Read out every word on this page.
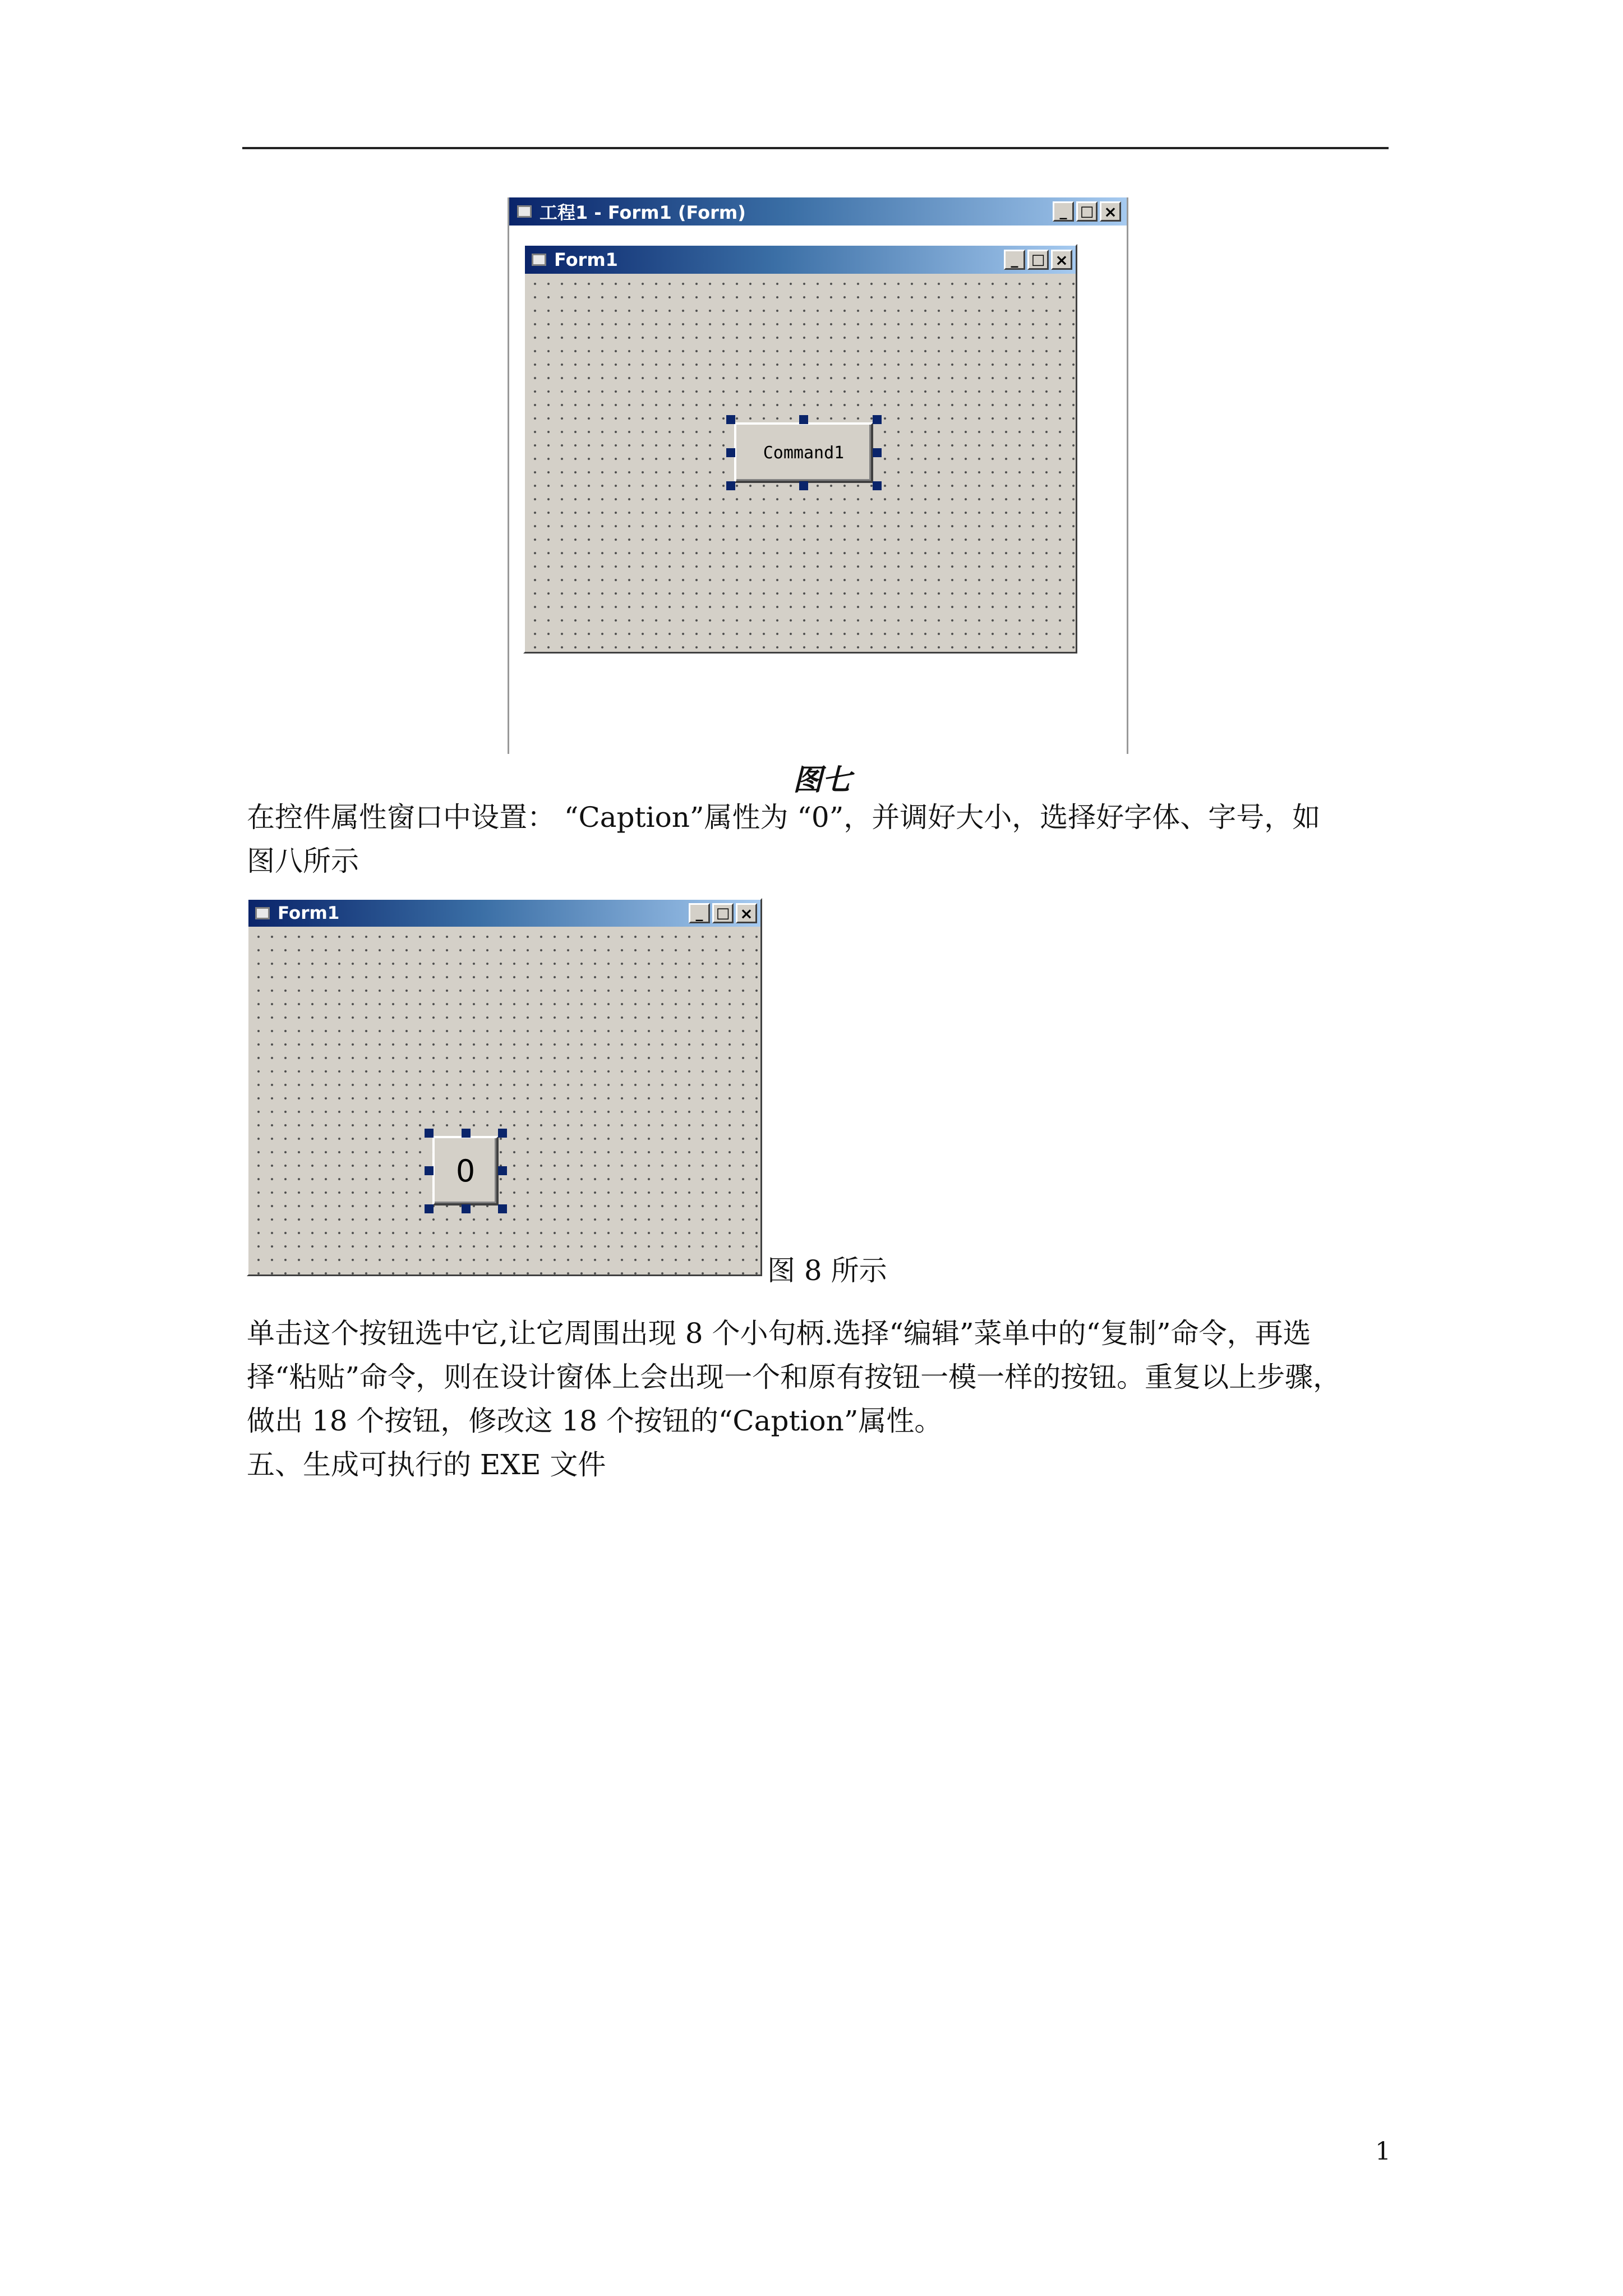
工程1 - Form1 (Form)	_ □ ×
Form1	_ □ ×
Command1
图七
在控件属性窗口中设置： “Caption”属性为 “0”，并调好大小，选择好字体、字号，如
图八所示
Form1	_ □ ×
0
图 8 所示
单击这个按钮选中它,让它周围出现 8 个小句柄.选择“编辑”菜单中的“复制”命令，再选
择“粘贴”命令，则在设计窗体上会出现一个和原有按钮一模一样的按钮。重复以上步骤，
做出 18 个按钮，修改这 18 个按钮的“Caption”属性。
五、生成可执行的 EXE 文件
1
